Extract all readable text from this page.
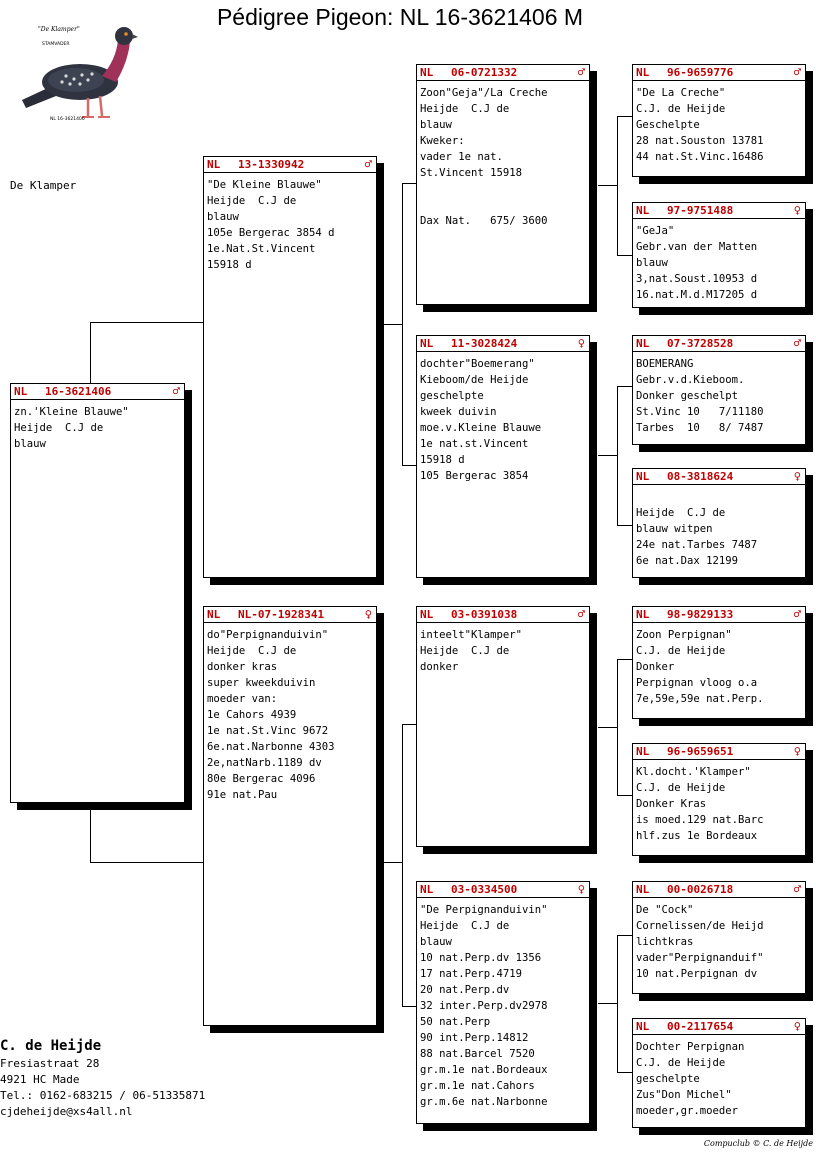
Pédigree Pigeon: NL 16-3621406 M
"De Klamper"
STAMVADER
NL 16-3621406
De Klamper
NL 16-3621406	♂
zn.'Kleine Blauwe"
Heijde  C.J de
blauw
NL 13-1330942	♂
"De Kleine Blauwe"
Heijde  C.J de
blauw
105e Bergerac 3854 d
1e.Nat.St.Vincent
15918 d
NL NL-07-1928341	♀
do"Perpignanduivin"
Heijde  C.J de
donker kras
super kweekduivin
moeder van:
1e Cahors 4939
1e nat.St.Vinc 9672
6e.nat.Narbonne 4303
2e,natNarb.1189 dv
80e Bergerac 4096
91e nat.Pau
NL 06-0721332	♂
Zoon"Geja"/La Creche
Heijde  C.J de
blauw
Kweker:
vader 1e nat.
St.Vincent 15918
Dax Nat.   675/ 3600
NL 11-3028424	♀
dochter"Boemerang"
Kieboom/de Heijde
geschelpte
kweek duivin
moe.v.Kleine Blauwe
1e nat.st.Vincent
15918 d
105 Bergerac 3854
NL 03-0391038	♂
inteelt"Klamper"
Heijde  C.J de
donker
NL 03-0334500	♀
"De Perpignanduivin"
Heijde  C.J de
blauw
10 nat.Perp.dv 1356
17 nat.Perp.4719
20 nat.Perp.dv
32 inter.Perp.dv2978
50 nat.Perp
90 int.Perp.14812
88 nat.Barcel 7520
gr.m.1e nat.Bordeaux
gr.m.1e nat.Cahors
gr.m.6e nat.Narbonne
NL 96-9659776	♂
"De La Creche"
C.J. de Heijde
Geschelpte
28 nat.Souston 13781
44 nat.St.Vinc.16486
NL 97-9751488	♀
"GeJa"
Gebr.van der Matten
blauw
3,nat.Soust.10953 d
16.nat.M.d.M17205 d
NL 07-3728528	♂
BOEMERANG
Gebr.v.d.Kieboom.
Donker geschelpt
St.Vinc 10   7/11180
Tarbes  10   8/ 7487
NL 08-3818624	♀
Heijde  C.J de
blauw witpen
24e nat.Tarbes 7487
6e nat.Dax 12199
NL 98-9829133	♂
Zoon Perpignan"
C.J. de Heijde
Donker
Perpignan vloog o.a
7e,59e,59e nat.Perp.
NL 96-9659651	♀
Kl.docht.'Klamper"
C.J. de Heijde
Donker Kras
is moed.129 nat.Barc
hlf.zus 1e Bordeaux
NL 00-0026718	♂
De "Cock"
Cornelissen/de Heijd
lichtkras
vader"Perpignanduif"
10 nat.Perpignan dv
NL 00-2117654	♀
Dochter Perpignan
C.J. de Heijde
geschelpte
Zus"Don Michel"
moeder,gr.moeder
C. de Heijde
Fresiastraat 28
4921 HC Made
Tel.: 0162-683215 / 06-51335871
cjdeheijde@xs4all.nl
Compuclub © C. de Heijde
